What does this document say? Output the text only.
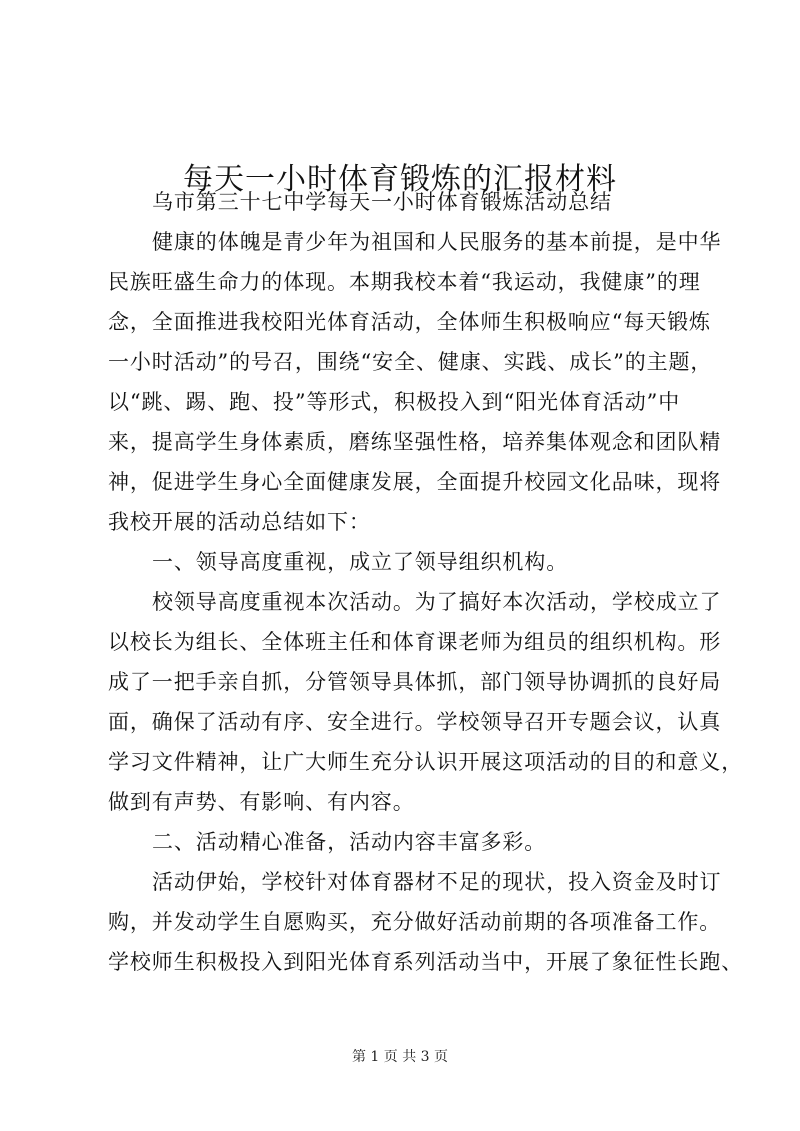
每天一小时体育锻炼的汇报材料
乌市第三十七中学每天一小时体育锻炼活动总结
健康的体魄是青少年为祖国和人民服务的基本前提，是中华
民族旺盛生命力的体现。本期我校本着“我运动，我健康”的理
念，全面推进我校阳光体育活动，全体师生积极响应“每天锻炼
一小时活动”的号召，围绕“安全、健康、实践、成长”的主题，
以“跳、踢、跑、投”等形式，积极投入到“阳光体育活动”中
来，提高学生身体素质，磨练坚强性格，培养集体观念和团队精
神，促进学生身心全面健康发展，全面提升校园文化品味，现将
我校开展的活动总结如下：
一、领导高度重视，成立了领导组织机构。
校领导高度重视本次活动。为了搞好本次活动，学校成立了
以校长为组长、全体班主任和体育课老师为组员的组织机构。形
成了一把手亲自抓，分管领导具体抓，部门领导协调抓的良好局
面，确保了活动有序、安全进行。学校领导召开专题会议，认真
学习文件精神，让广大师生充分认识开展这项活动的目的和意义，
做到有声势、有影响、有内容。
二、活动精心准备，活动内容丰富多彩。
活动伊始，学校针对体育器材不足的现状，投入资金及时订
购，并发动学生自愿购买，充分做好活动前期的各项准备工作。
学校师生积极投入到阳光体育系列活动当中，开展了象征性长跑、
第 1 页 共 3 页
